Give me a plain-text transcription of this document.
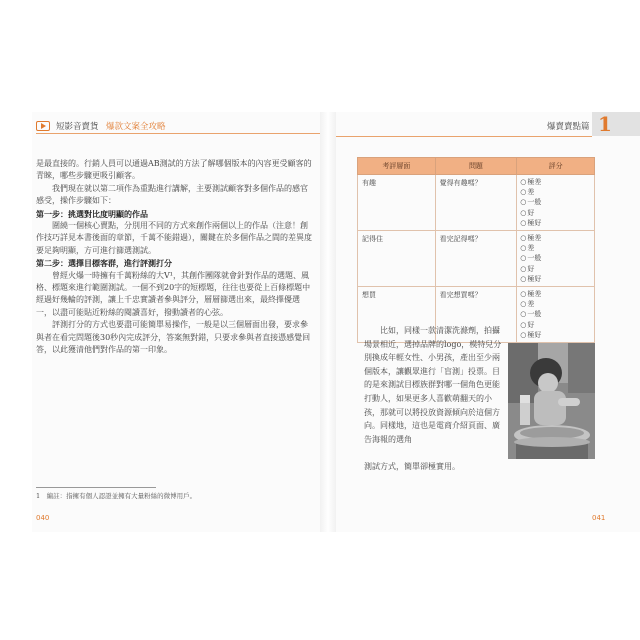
短影音賣貨 爆款文案全攻略	爆賣賣點篇 1

是最直接的。行銷人員可以通過AB測試的方法了解哪個版本的內容更受顧客的青睞，哪些步驟更吸引顧客。

我們現在就以第二項作為重點進行講解，主要測試顧客對多個作品的感官感受，操作步驟如下：

第一步：挑選對比度明顯的作品

圍繞一個核心賣點，分別用不同的方式來創作兩個以上的作品（注意！創作技巧詳見本書後面的章節，千萬不能錯過），關鍵在於多個作品之間的差異度要足夠明顯，方可進行篩選測試。

第二步：選擇目標客群，進行評測打分

曾經火爆一時擁有千萬粉絲的大V¹，其創作團隊就會針對作品的選題、風格、標題來進行範圍測試。一個不到20字的短標題，往往也要從上百條標題中經過好幾輪的評測，讓上千忠實讀者參與評分，層層篩選出來，最終擇優選一，以盡可能貼近粉絲的閱讀喜好，撥動讀者的心弦。

評測打分的方式也要盡可能簡單易操作，一般是以三個層面出發，要求參與者在看完問題後30秒內完成評分，答案無對錯，只要求參與者直接憑感覺回答，以此獲清他們對作品的第一印象。

1　編註：指擁有個人認證並擁有大量粉絲的微博用戶。
040
考評層面	問題	評分
有趣	覺得有趣嗎？	○ 極差
○ 差
○ 一般
○ 好
○ 極好

記得住	看完記得嗎？	○ 極差
○ 差
○ 一般
○ 好
○ 極好

想買	看完想買嗎？	○ 極差
○ 差
○ 一般
○ 好
○ 極好
比如，同樣一款清潔洗滌劑，拍攝場景相近，選掉品牌的logo，模特兒分別換成年輕女性、小男孩，產出至少兩個版本，讓觀眾進行「盲測」投票。目的是來測試目標族群對哪一個角色更能打動人，如果更多人喜歡萌翻天的小孩，那就可以將投放資源傾向於這個方向。同樣地，這也是電商介紹頁面、廣告海報的選角
測試方式，簡單卻極實用。
041
